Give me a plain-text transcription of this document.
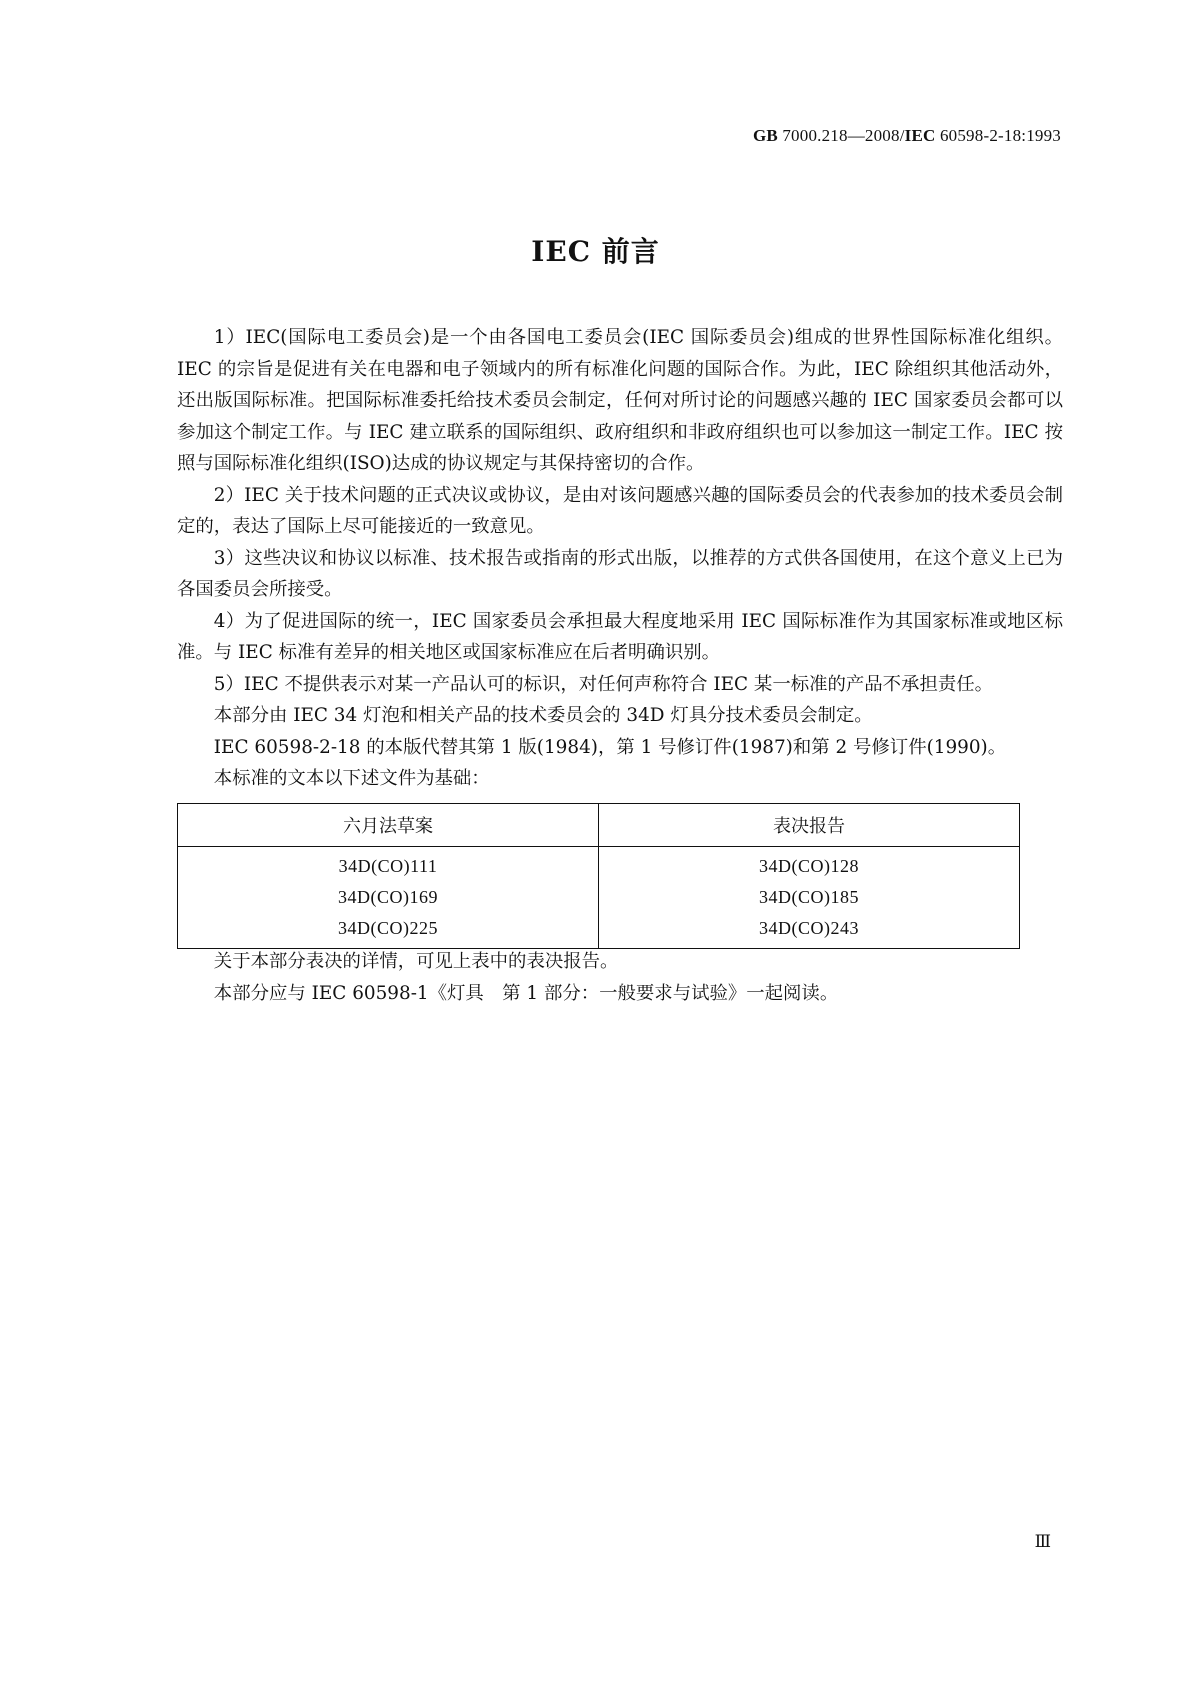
GB 7000.218—2008/IEC 60598-2-18:1993
IEC 前言

1）IEC(国际电工委员会)是一个由各国电工委员会(IEC 国际委员会)组成的世界性国际标准化组织。IEC 的宗旨是促进有关在电器和电子领域内的所有标准化问题的国际合作。为此，IEC 除组织其他活动外，还出版国际标准。把国际标准委托给技术委员会制定，任何对所讨论的问题感兴趣的 IEC 国家委员会都可以参加这个制定工作。与 IEC 建立联系的国际组织、政府组织和非政府组织也可以参加这一制定工作。IEC 按照与国际标准化组织(ISO)达成的协议规定与其保持密切的合作。

2）IEC 关于技术问题的正式决议或协议，是由对该问题感兴趣的国际委员会的代表参加的技术委员会制定的，表达了国际上尽可能接近的一致意见。

3）这些决议和协议以标准、技术报告或指南的形式出版，以推荐的方式供各国使用，在这个意义上已为各国委员会所接受。

4）为了促进国际的统一，IEC 国家委员会承担最大程度地采用 IEC 国际标准作为其国家标准或地区标准。与 IEC 标准有差异的相关地区或国家标准应在后者明确识别。

5）IEC 不提供表示对某一产品认可的标识，对任何声称符合 IEC 某一标准的产品不承担责任。

本部分由 IEC 34 灯泡和相关产品的技术委员会的 34D 灯具分技术委员会制定。

IEC 60598-2-18 的本版代替其第 1 版(1984)，第 1 号修订件(1987)和第 2 号修订件(1990)。

本标准的文本以下述文件为基础：

六月法草案	表决报告
34D(CO)111	34D(CO)128
34D(CO)169	34D(CO)185
34D(CO)225	34D(CO)243

关于本部分表决的详情，可见上表中的表决报告。

本部分应与 IEC 60598-1《灯具　第 1 部分：一般要求与试验》一起阅读。

Ⅲ
